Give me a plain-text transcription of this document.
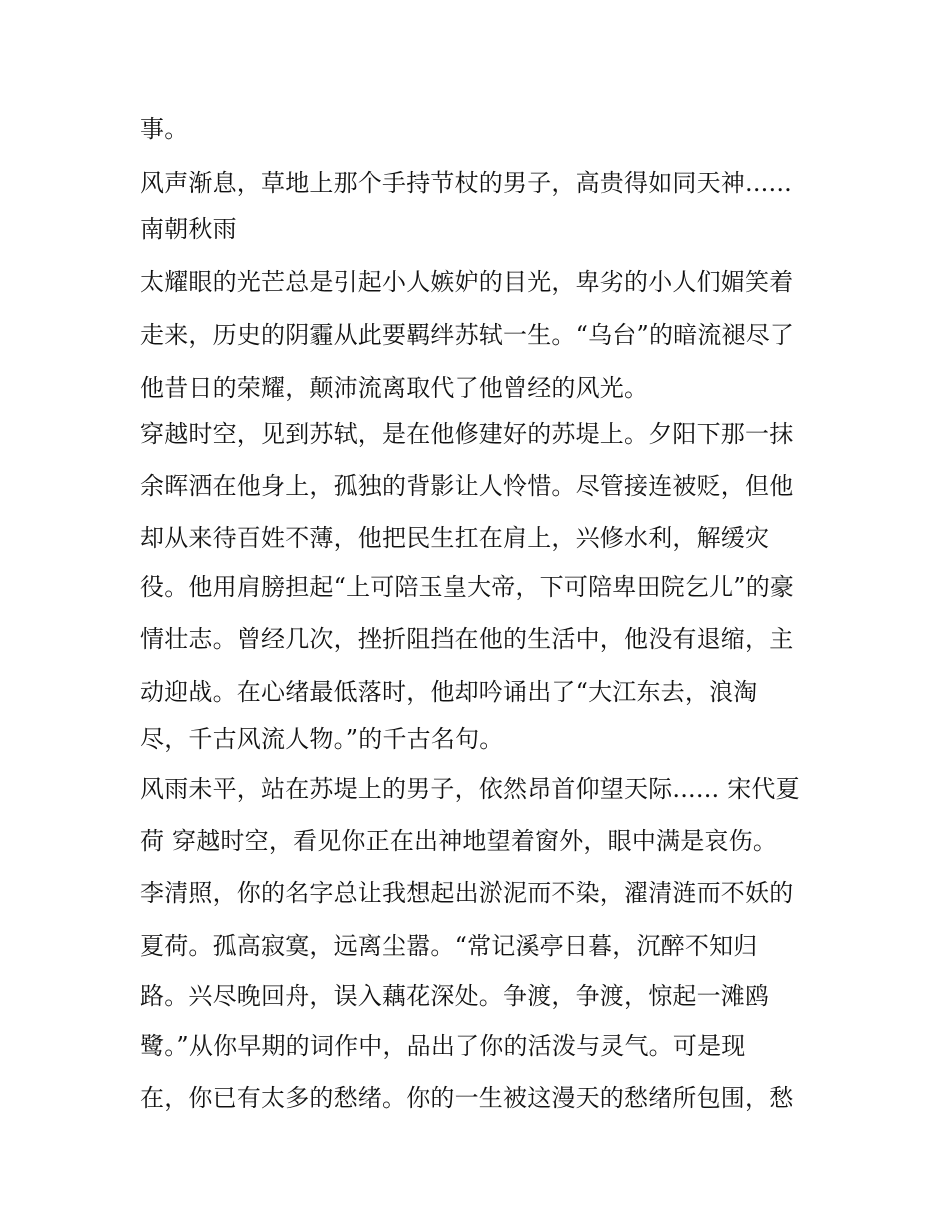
事。

风声渐息，草地上那个手持节杖的男子，高贵得如同天神......

南朝秋雨

太耀眼的光芒总是引起小人嫉妒的目光，卑劣的小人们媚笑着

走来，历史的阴霾从此要羁绊苏轼一生。“乌台”的暗流褪尽了

他昔日的荣耀，颠沛流离取代了他曾经的风光。

穿越时空，见到苏轼，是在他修建好的苏堤上。夕阳下那一抹

余晖洒在他身上，孤独的背影让人怜惜。尽管接连被贬，但他

却从来待百姓不薄，他把民生扛在肩上，兴修水利，解缓灾

役。他用肩膀担起“上可陪玉皇大帝，下可陪卑田院乞儿”的豪

情壮志。曾经几次，挫折阻挡在他的生活中，他没有退缩，主

动迎战。在心绪最低落时，他却吟诵出了“大江东去，浪淘

尽，千古风流人物。”的千古名句。

风雨未平，站在苏堤上的男子，依然昂首仰望天际...... 宋代夏

荷 穿越时空，看见你正在出神地望着窗外，眼中满是哀伤。

李清照，你的名字总让我想起出淤泥而不染，濯清涟而不妖的

夏荷。孤高寂寞，远离尘嚣。“常记溪亭日暮，沉醉不知归

路。兴尽晚回舟，误入藕花深处。争渡，争渡，惊起一滩鸥

鹭。”从你早期的词作中，品出了你的活泼与灵气。可是现

在，你已有太多的愁绪。你的一生被这漫天的愁绪所包围，愁
